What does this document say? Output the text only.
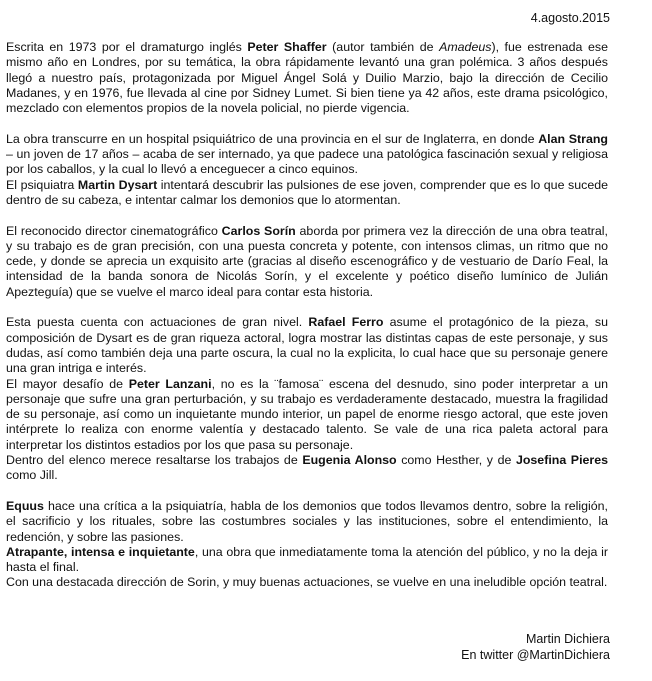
4.agosto.2015
Escrita en 1973 por el dramaturgo inglés Peter Shaffer (autor también de Amadeus), fue estrenada ese mismo año en Londres, por su temática, la obra rápidamente levantó una gran polémica. 3 años después llegó a nuestro país, protagonizada por Miguel Ángel Solá y Duilio Marzio, bajo la dirección de Cecilio Madanes, y en 1976, fue llevada al cine por Sidney Lumet. Si bien tiene ya 42 años, este drama psicológico, mezclado con elementos propios de la novela policial, no pierde vigencia.
La obra transcurre en un hospital psiquiátrico de una provincia en el sur de Inglaterra, en donde Alan Strang – un joven de 17 años – acaba de ser internado, ya que padece una patológica fascinación sexual y religiosa por los caballos, y la cual lo llevó a enceguecer a cinco equinos.
El psiquiatra Martin Dysart intentará descubrir las pulsiones de ese joven, comprender que es lo que sucede dentro de su cabeza, e intentar calmar los demonios que lo atormentan.
El reconocido director cinematográfico Carlos Sorín aborda por primera vez la dirección de una obra teatral, y su trabajo es de gran precisión, con una puesta concreta y potente, con intensos climas, un ritmo que no cede, y donde se aprecia un exquisito arte (gracias al diseño escenográfico y de vestuario de Darío Feal, la intensidad de la banda sonora de Nicolás Sorín, y el excelente y poético diseño lumínico de Julián Apezteguía) que se vuelve el marco ideal para contar esta historia.
Esta puesta cuenta con actuaciones de gran nivel. Rafael Ferro asume el protagónico de la pieza, su composición de Dysart es de gran riqueza actoral, logra mostrar las distintas capas de este personaje, y sus dudas, así como también deja una parte oscura, la cual no la explicita, lo cual hace que su personaje genere una gran intriga e interés.
El mayor desafío de Peter Lanzani, no es la ¨famosa¨ escena del desnudo, sino poder interpretar a un personaje que sufre una gran perturbación, y su trabajo es verdaderamente destacado, muestra la fragilidad de su personaje, así como un inquietante mundo interior, un papel de enorme riesgo actoral, que este joven intérprete lo realiza con enorme valentía y destacado talento. Se vale de una rica paleta actoral para interpretar los distintos estadios por los que pasa su personaje.
Dentro del elenco merece resaltarse los trabajos de Eugenia Alonso como Hesther, y de Josefina Pieres como Jill.
Equus hace una crítica a la psiquiatría, habla de los demonios que todos llevamos dentro, sobre la religión, el sacrificio y los rituales, sobre las costumbres sociales y las instituciones, sobre el entendimiento, la redención, y sobre las pasiones.
Atrapante, intensa e inquietante, una obra que inmediatamente toma la atención del público, y no la deja ir hasta el final.
Con una destacada dirección de Sorin, y muy buenas actuaciones, se vuelve en una ineludible opción teatral.
Martin Dichiera
En twitter @MartinDichiera
